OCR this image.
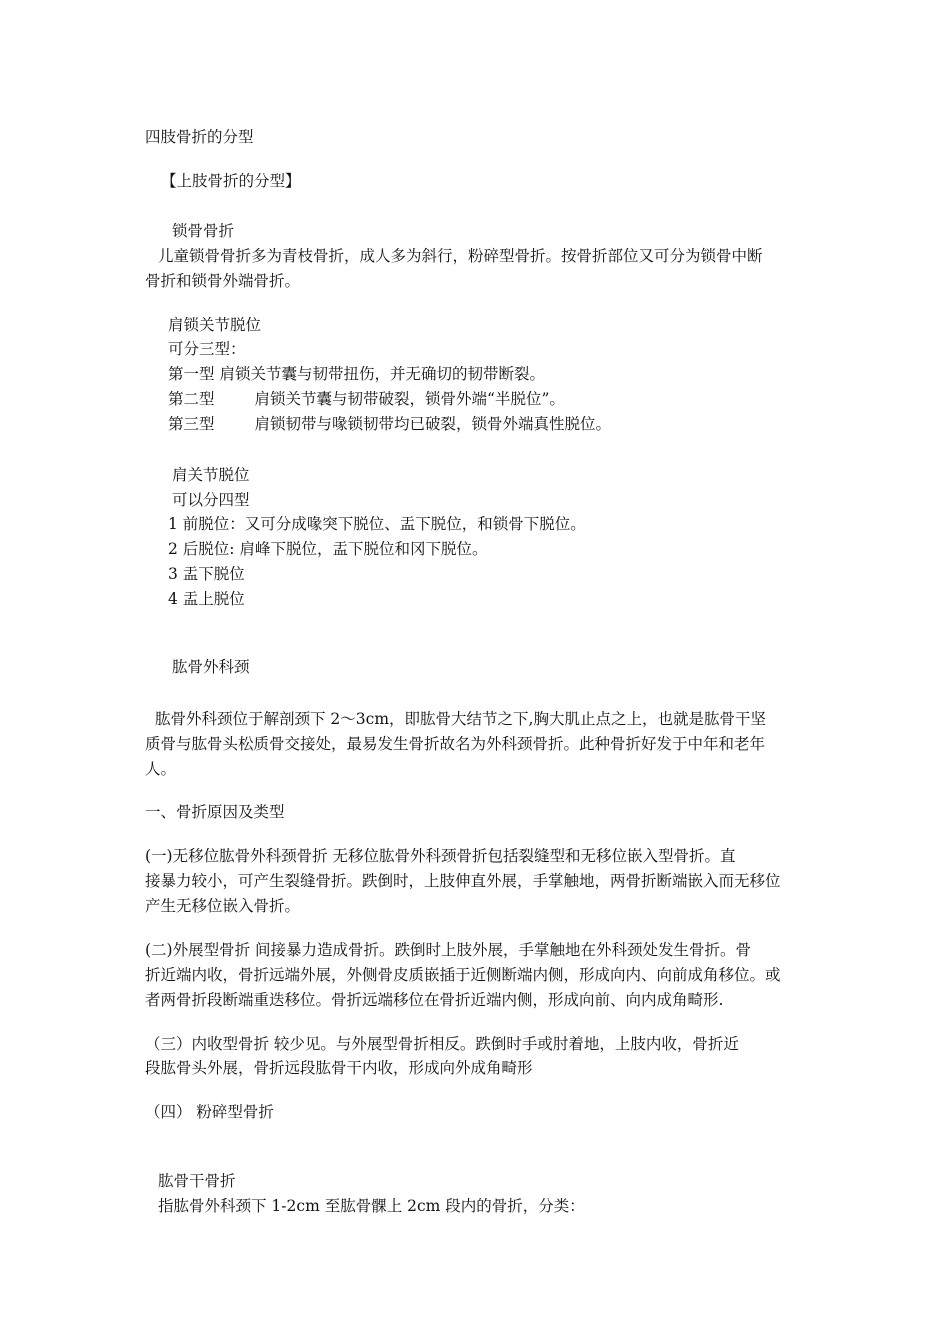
四肢骨折的分型
【上肢骨折的分型】
锁骨骨折
儿童锁骨骨折多为青枝骨折，成人多为斜行，粉碎型骨折。按骨折部位又可分为锁骨中断
骨折和锁骨外端骨折。
肩锁关节脱位
可分三型：
第一型 肩锁关节囊与韧带扭伤，并无确切的韧带断裂。
第二型	肩锁关节囊与韧带破裂，锁骨外端“半脱位”。
第三型	肩锁韧带与喙锁韧带均已破裂，锁骨外端真性脱位。
肩关节脱位
可以分四型
1 前脱位：又可分成喙突下脱位、盂下脱位，和锁骨下脱位。
2 后脱位: 肩峰下脱位，盂下脱位和冈下脱位。
3 盂下脱位
4 盂上脱位
肱骨外科颈
肱骨外科颈位于解剖颈下 2～3cm，即肱骨大结节之下,胸大肌止点之上，也就是肱骨干坚
质骨与肱骨头松质骨交接处，最易发生骨折故名为外科颈骨折。此种骨折好发于中年和老年
人。
一、骨折原因及类型
(一)无移位肱骨外科颈骨折 无移位肱骨外科颈骨折包括裂缝型和无移位嵌入型骨折。直
接暴力较小，可产生裂缝骨折。跌倒时，上肢伸直外展，手掌触地，两骨折断端嵌入而无移位
产生无移位嵌入骨折。
(二)外展型骨折 间接暴力造成骨折。跌倒时上肢外展，手掌触地在外科颈处发生骨折。骨
折近端内收，骨折远端外展，外侧骨皮质嵌插于近侧断端内侧，形成向内、向前成角移位。或
者两骨折段断端重迭移位。骨折远端移位在骨折近端内侧，形成向前、向内成角畸形.
（三）内收型骨折 较少见。与外展型骨折相反。跌倒时手或肘着地，上肢内收，骨折近
段肱骨头外展，骨折远段肱骨干内收，形成向外成角畸形
（四） 粉碎型骨折
肱骨干骨折
指肱骨外科颈下 1-2cm 至肱骨髁上 2cm 段内的骨折，分类：
